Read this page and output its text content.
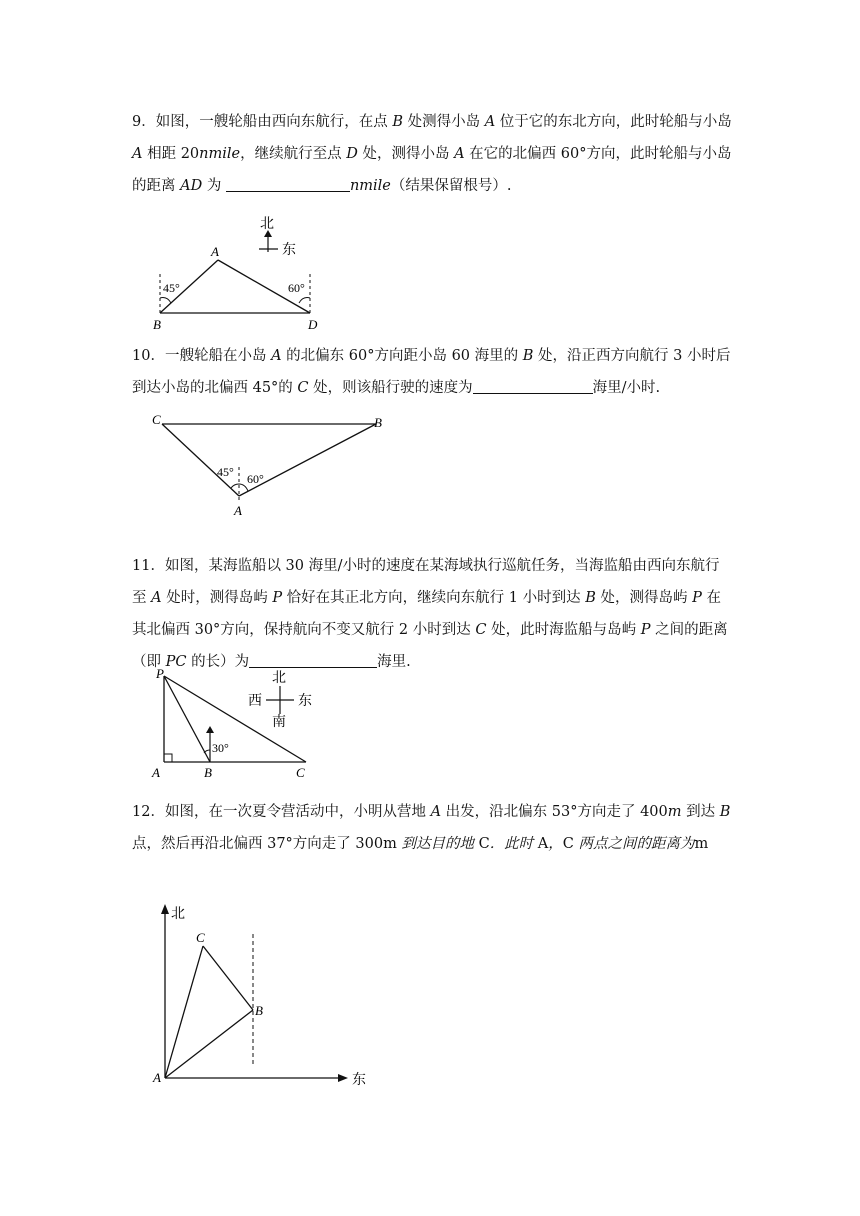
9．如图，一艘轮船由西向东航行，在点 B 处测得小岛 A 位于它的东北方向，此时轮船与小岛 A 相距 20nmile，继续航行至点 D 处，测得小岛 A 在它的北偏西 60°方向，此时轮船与小岛的距离 AD 为	nmile（结果保留根号）.
45°	60°
A
B	D
北
东
10．一艘轮船在小岛 A 的北偏东 60°方向距小岛 60 海里的 B 处，沿正西方向航行 3 小时后到达小岛的北偏西 45°的 C 处，则该船行驶的速度为	海里/小时.
45° 60°
C	B
A
11．如图，某海监船以 30 海里/小时的速度在某海域执行巡航任务，当海监船由西向东航行至 A 处时，测得岛屿 P 恰好在其正北方向，继续向东航行 1 小时到达 B 处，测得岛屿 P 在其北偏西 30°方向，保持航向不变又航行 2 小时到达 C 处，此时海监船与岛屿 P 之间的距离（即 PC 的长）为	海里.
30°
P
A	B	C
北
西	东
南
12．如图，在一次夏令营活动中，小明从营地 A 出发，沿北偏东 53°方向走了 400m 到达 B 点，然后再沿北偏西 37°方向走了 300m 到达目的地 C．此时 A，C 两点之间的距离为m
北
东
C
B
A
